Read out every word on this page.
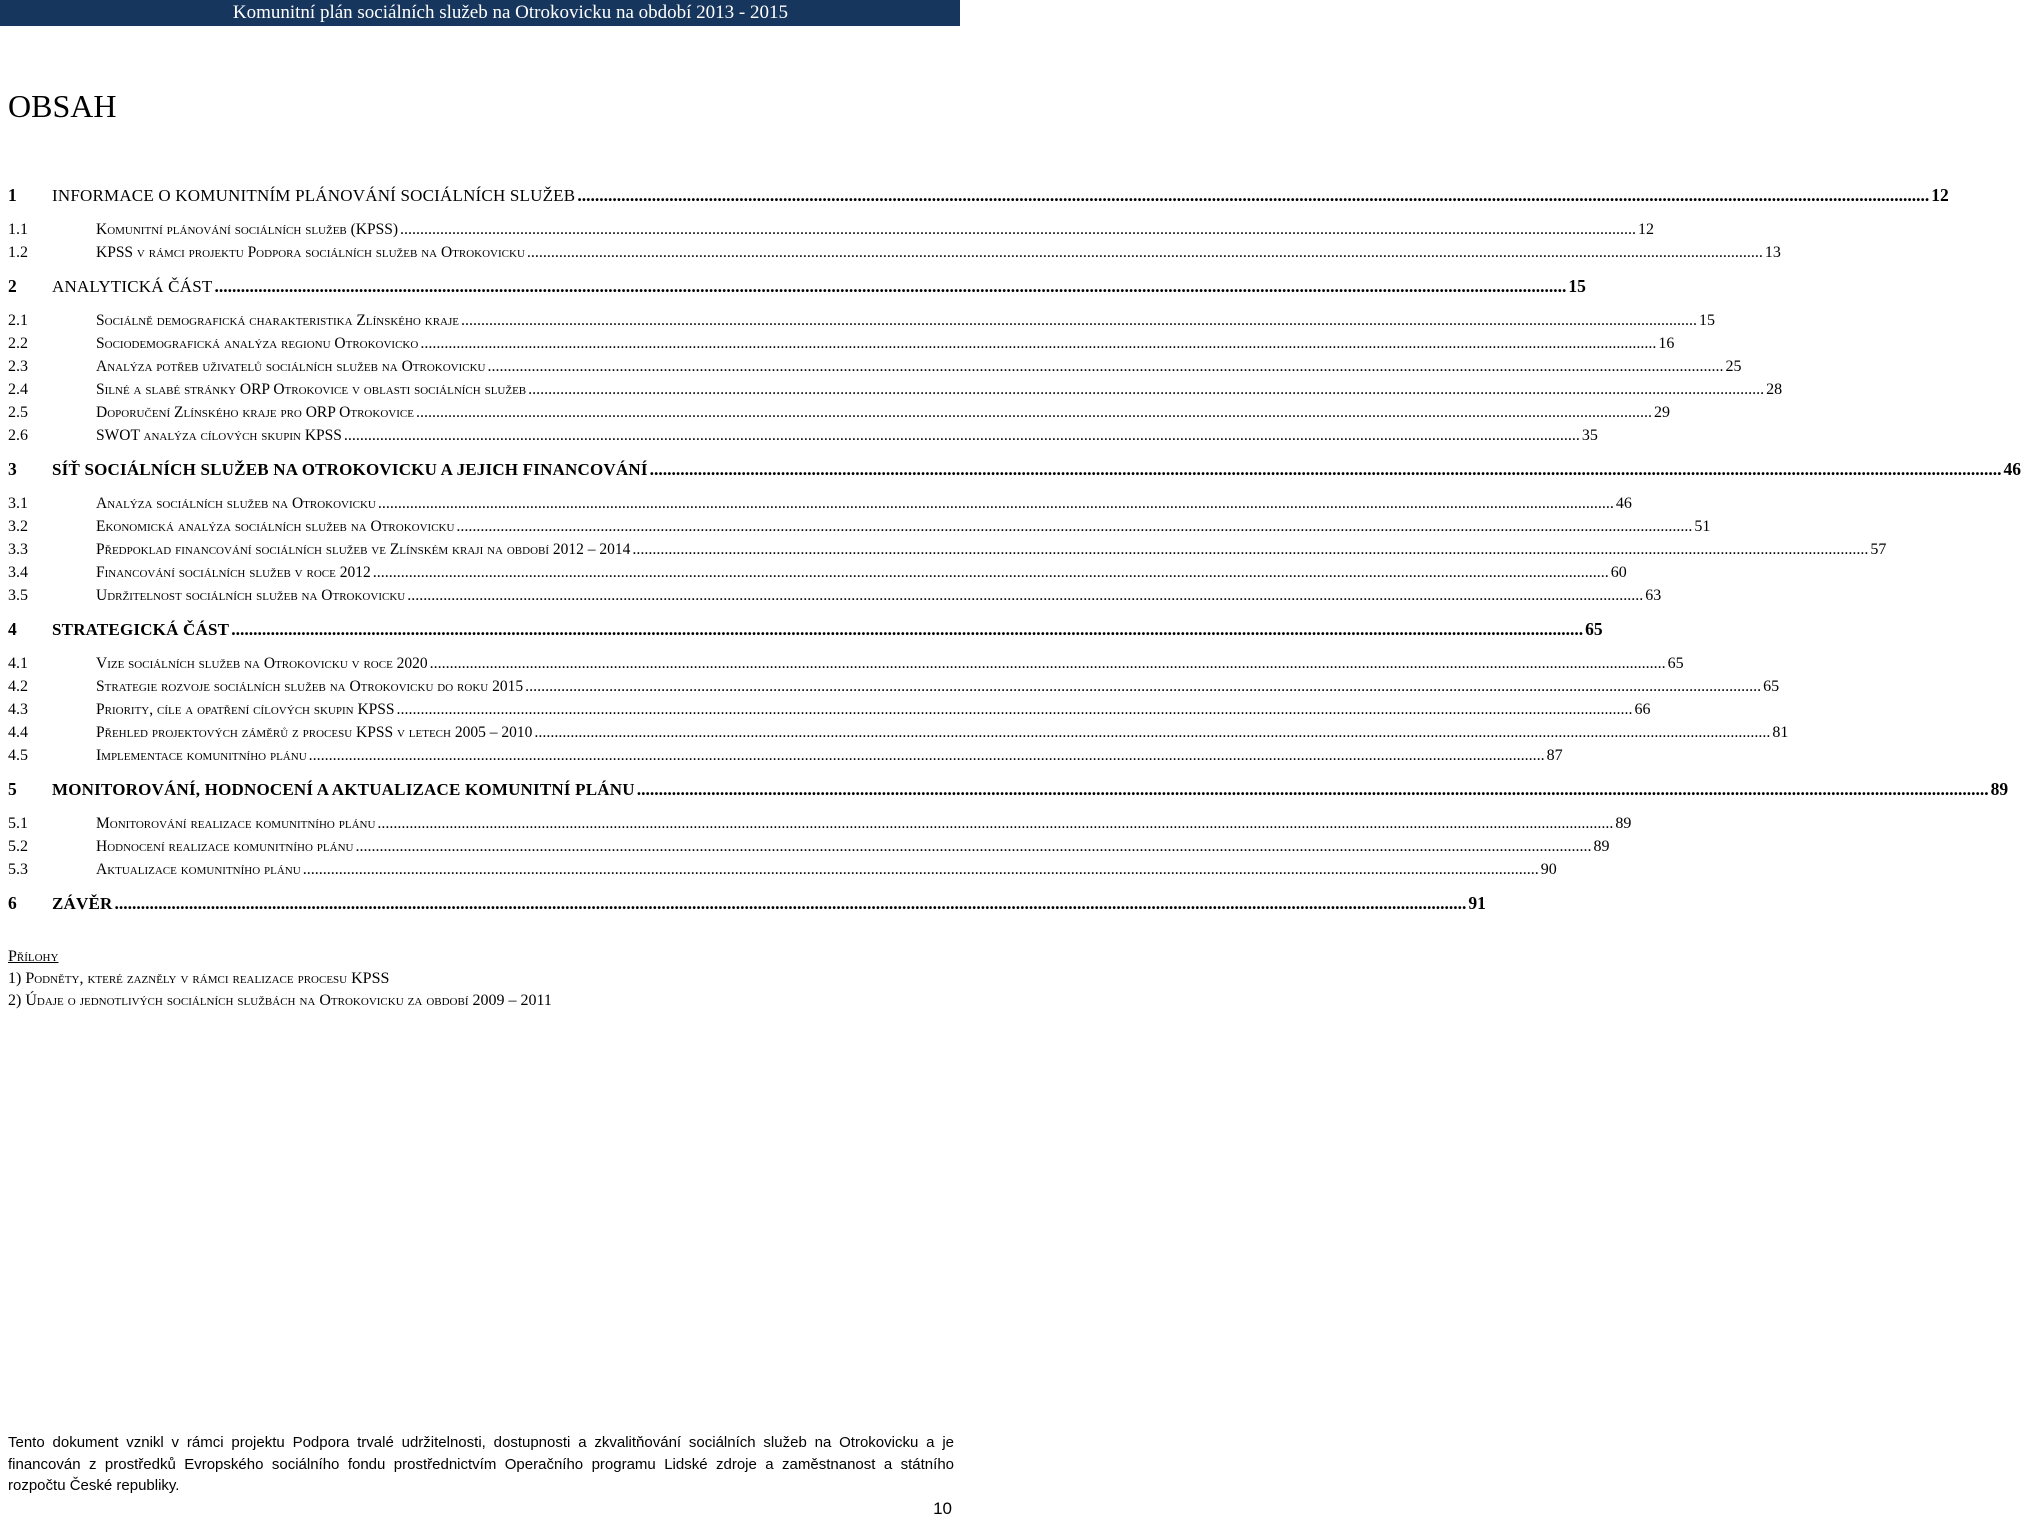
Komunitní plán sociálních služeb na Otrokovicku na období 2013 - 2015
OBSAH
1	INFORMACE O KOMUNITNÍM PLÁNOVÁNÍ SOCIÁLNÍCH SLUŽEB .....	12
1.1	Komunitní plánování sociálních služeb (KPSS) .....	12
1.2	KPSS v rámci projektu Podpora sociálních služeb na Otrokovicku .....	13
2	ANALYTICKÁ ČÁST .....	15
2.1	Sociálně demografická charakteristika Zlínského kraje .....	15
2.2	Sociodemografická analýza regionu Otrokovicko .....	16
2.3	Analýza potřeb uživatelů sociálních služeb na Otrokovicku .....	25
2.4	Silné a slabé stránky ORP Otrokovice v oblasti sociálních služeb .....	28
2.5	Doporučení Zlínského kraje pro ORP Otrokovice .....	29
2.6	SWOT analýza cílových skupin KPSS .....	35
3	SÍŤ SOCIÁLNÍCH SLUŽEB NA OTROKOVICKU A JEJICH FINANCOVÁNÍ .....	46
3.1	Analýza sociálních služeb na Otrokovicku .....	46
3.2	Ekonomická analýza sociálních služeb na Otrokovicku .....	51
3.3	Předpoklad financování sociálních služeb ve Zlínském kraji na období 2012 – 2014 .....	57
3.4	Financování sociálních služeb v roce 2012 .....	60
3.5	Udržitelnost sociálních služeb na Otrokovicku .....	63
4	STRATEGICKÁ ČÁST .....	65
4.1	Vize sociálních služeb na Otrokovicku v roce 2020 .....	65
4.2	Strategie rozvoje sociálních služeb na Otrokovicku do roku 2015 .....	65
4.3	Priority, cíle a opatření cílových skupin KPSS .....	66
4.4	Přehled projektových záměrů z procesu KPSS v letech 2005 – 2010 .....	81
4.5	Implementace komunitního plánu .....	87
5	MONITOROVÁNÍ, HODNOCENÍ A AKTUALIZACE KOMUNITNÍ PLÁNU .....	89
5.1	Monitorování realizace komunitního plánu .....	89
5.2	Hodnocení realizace komunitního plánu .....	89
5.3	Aktualizace komunitního plánu .....	90
6	ZÁVĚR .....	91
Přílohy
1) Podněty, které zazněly v rámci realizace procesu KPSS
2) Údaje o jednotlivých sociálních službách na Otrokovicku za období 2009 – 2011
Tento dokument vznikl v rámci projektu Podpora trvalé udržitelnosti, dostupnosti a zkvalitňování sociálních služeb na Otrokovicku a je financován z prostředků Evropského sociálního fondu prostřednictvím Operačního programu Lidské zdroje a zaměstnanost a státního rozpočtu České republiky.
10
